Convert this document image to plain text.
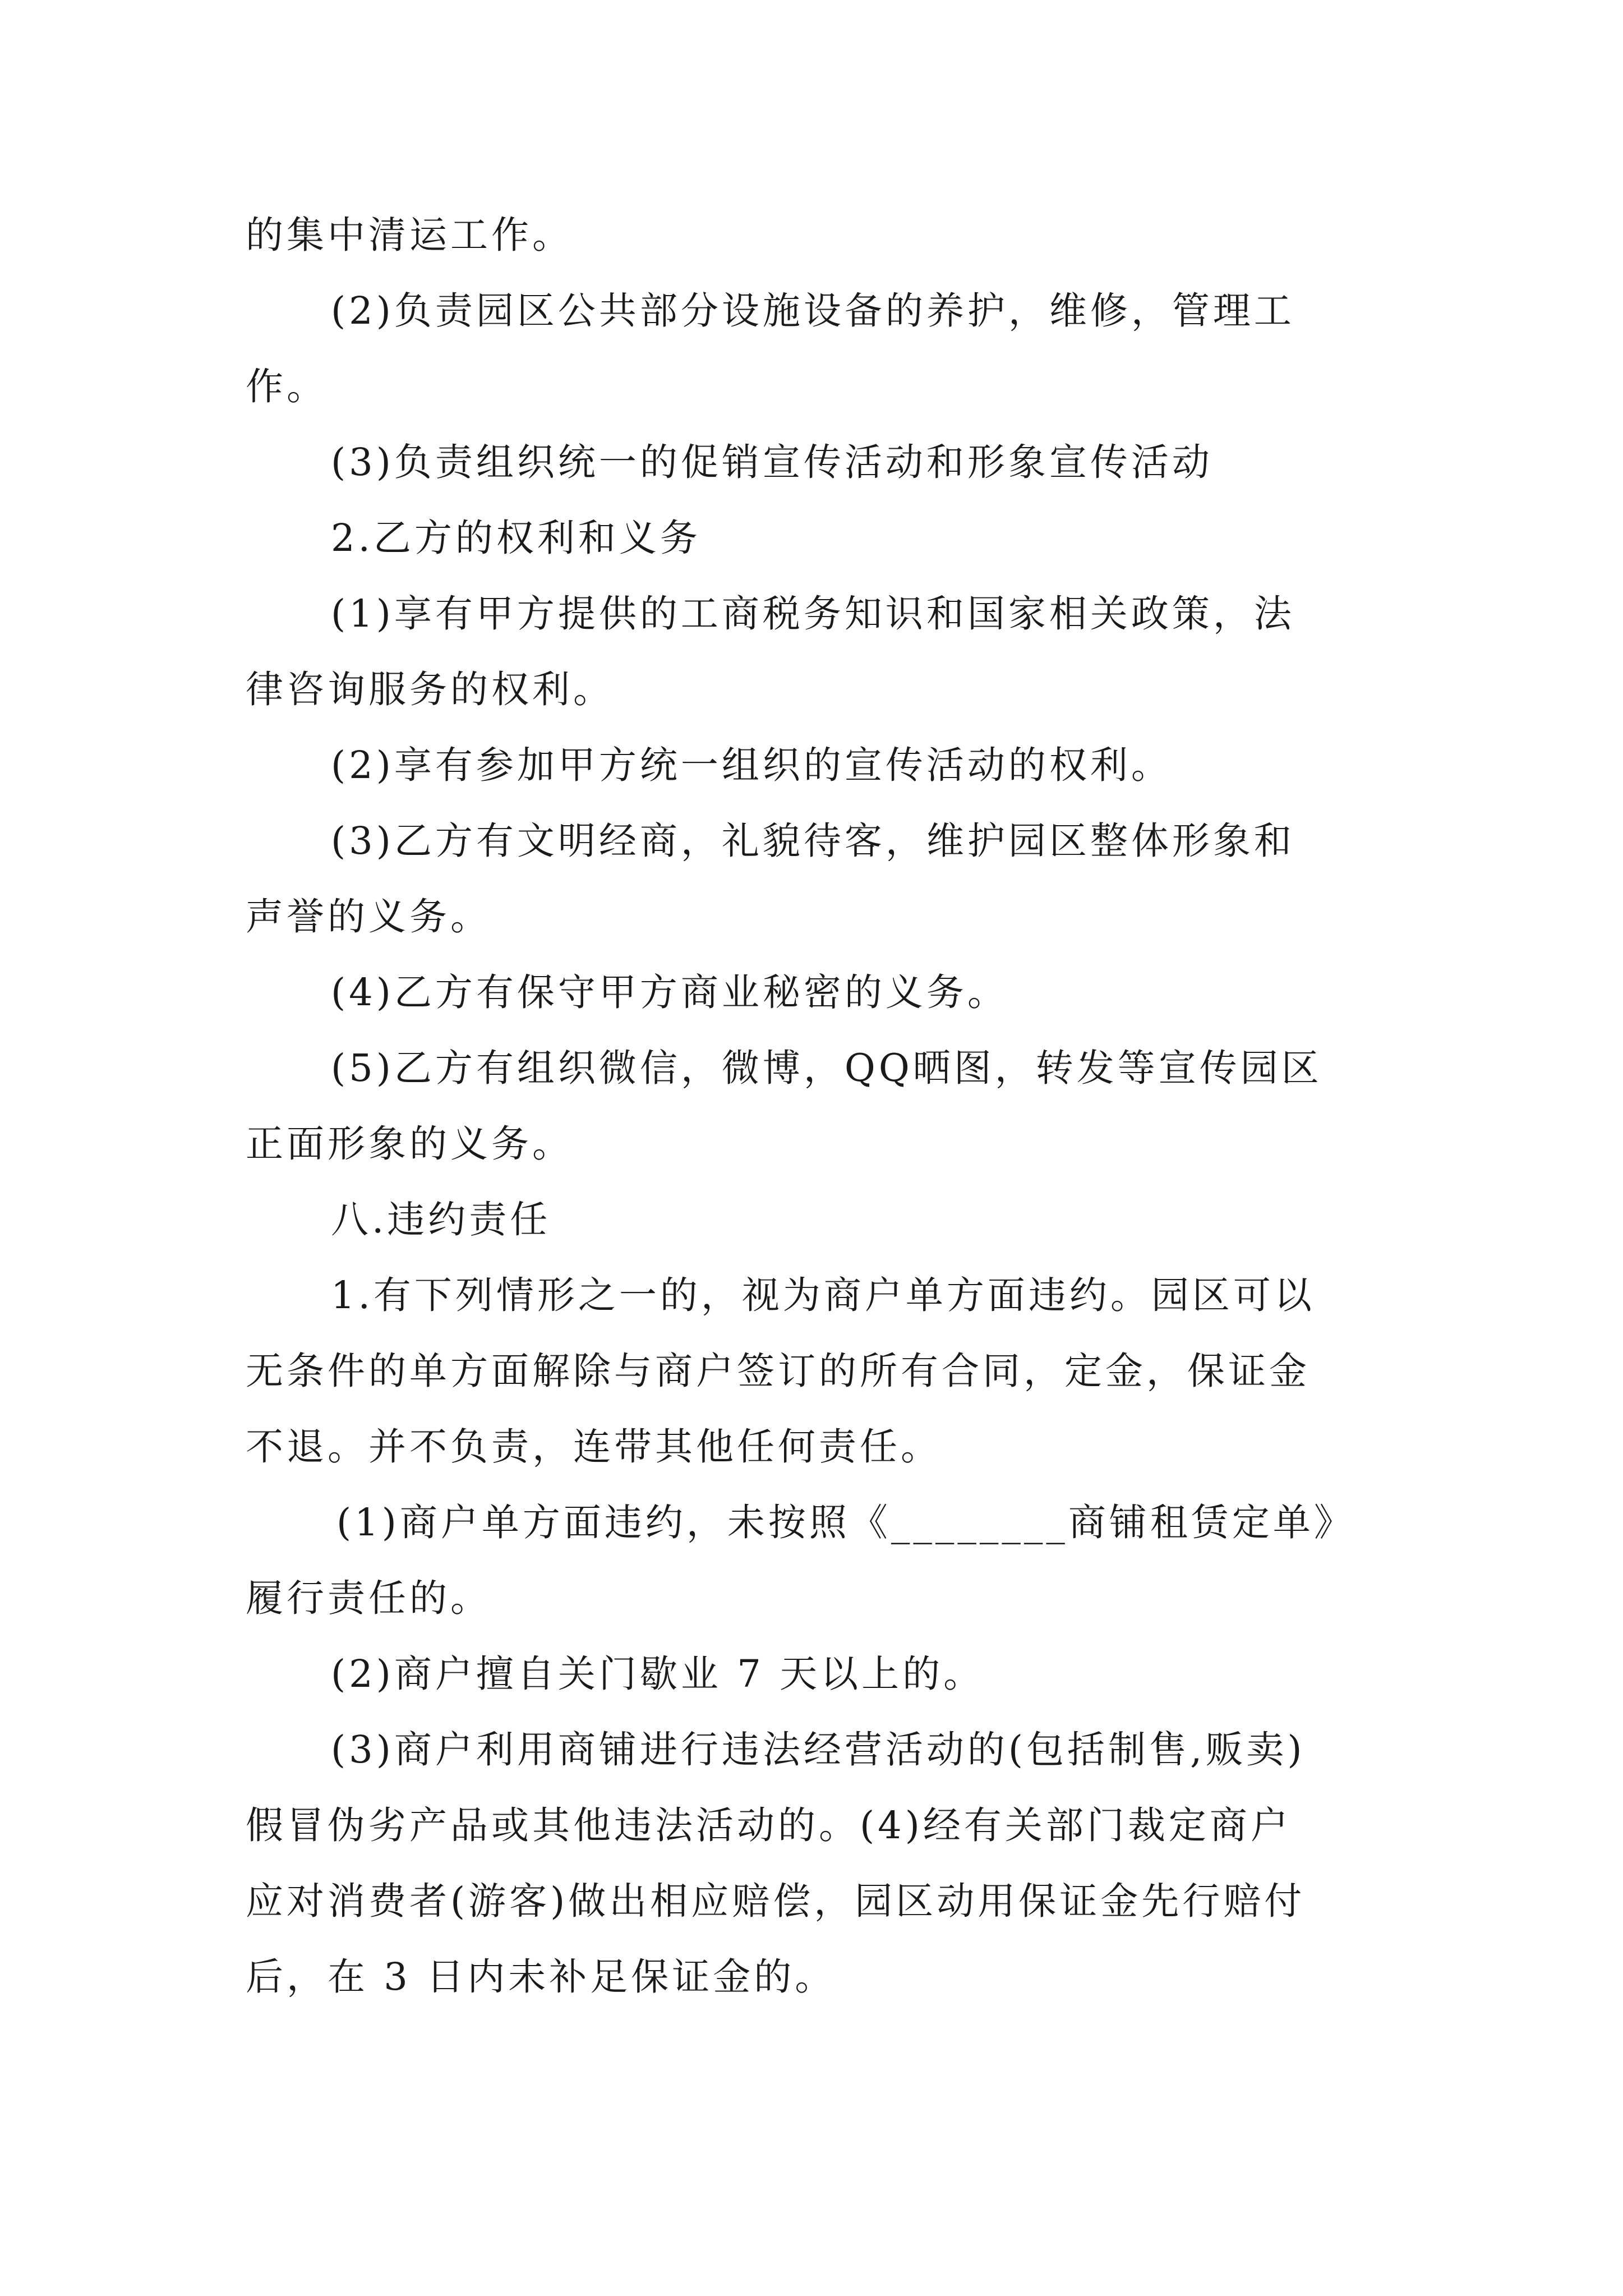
的集中清运工作。
(2)负责园区公共部分设施设备的养护，维修，管理工
作。
(3)负责组织统一的促销宣传活动和形象宣传活动
2.乙方的权利和义务
(1)享有甲方提供的工商税务知识和国家相关政策，法
律咨询服务的权利。
(2)享有参加甲方统一组织的宣传活动的权利。
(3)乙方有文明经商，礼貌待客，维护园区整体形象和
声誉的义务。
(4)乙方有保守甲方商业秘密的义务。
(5)乙方有组织微信，微博，QQ晒图，转发等宣传园区
正面形象的义务。
八.违约责任
1.有下列情形之一的，视为商户单方面违约。园区可以
无条件的单方面解除与商户签订的所有合同，定金，保证金
不退。并不负责，连带其他任何责任。
(1)商户单方面违约，未按照《________商铺租赁定单》
履行责任的。
(2)商户擅自关门歇业 7 天以上的。
(3)商户利用商铺进行违法经营活动的(包括制售,贩卖)
假冒伪劣产品或其他违法活动的。(4)经有关部门裁定商户
应对消费者(游客)做出相应赔偿，园区动用保证金先行赔付
后，在 3 日内未补足保证金的。
